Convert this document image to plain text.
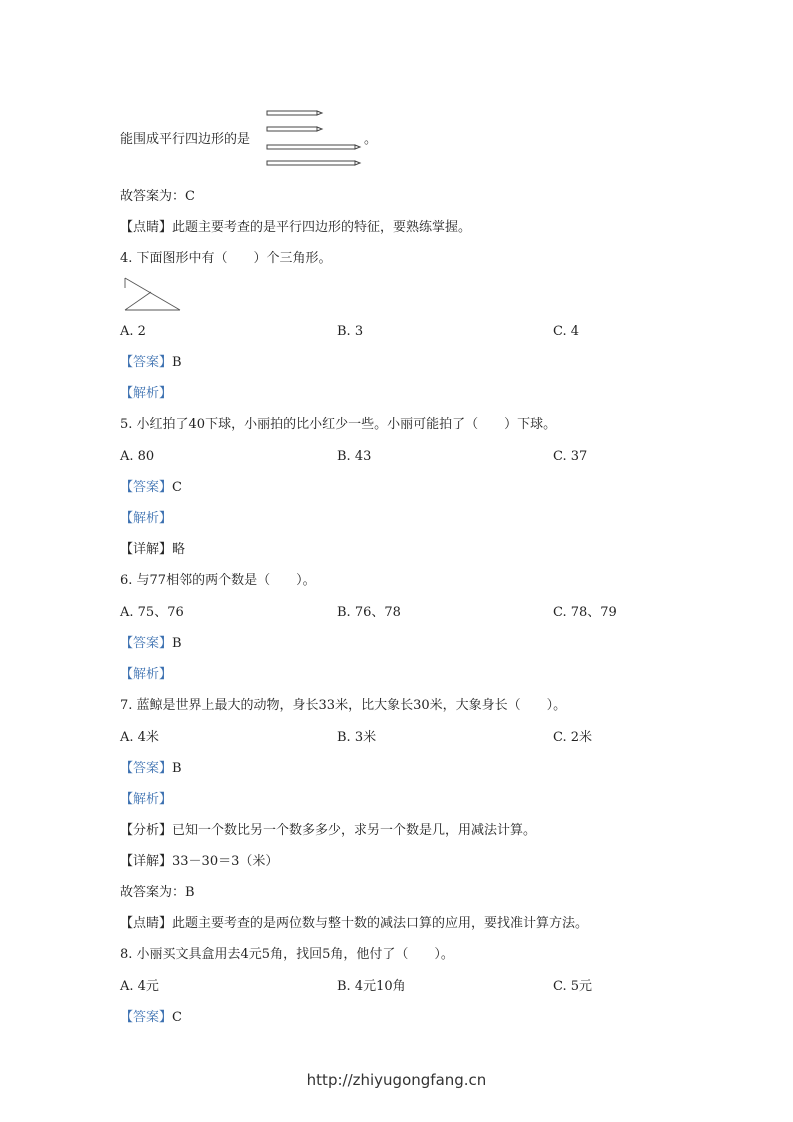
能围成平行四边形的是	。
故答案为：C
【点睛】此题主要考查的是平行四边形的特征，要熟练掌握。
4. 下面图形中有（　　）个三角形。
A. 2	B. 3	C. 4
【答案】B
【解析】
5. 小红拍了40下球，小丽拍的比小红少一些。小丽可能拍了（　　）下球。
A. 80	B. 43	C. 37
【答案】C
【解析】
【详解】略
6. 与77相邻的两个数是（　　）。
A. 75、76	B. 76、78	C. 78、79
【答案】B
【解析】
7. 蓝鲸是世界上最大的动物，身长33米，比大象长30米，大象身长（　　）。
A. 4米	B. 3米	C. 2米
【答案】B
【解析】
【分析】已知一个数比另一个数多多少，求另一个数是几，用减法计算。
【详解】33－30＝3（米）
故答案为：B
【点睛】此题主要考查的是两位数与整十数的减法口算的应用，要找准计算方法。
8. 小丽买文具盒用去4元5角，找回5角，他付了（　　）。
A. 4元	B. 4元10角	C. 5元
【答案】C
http://zhiyugongfang.cn
